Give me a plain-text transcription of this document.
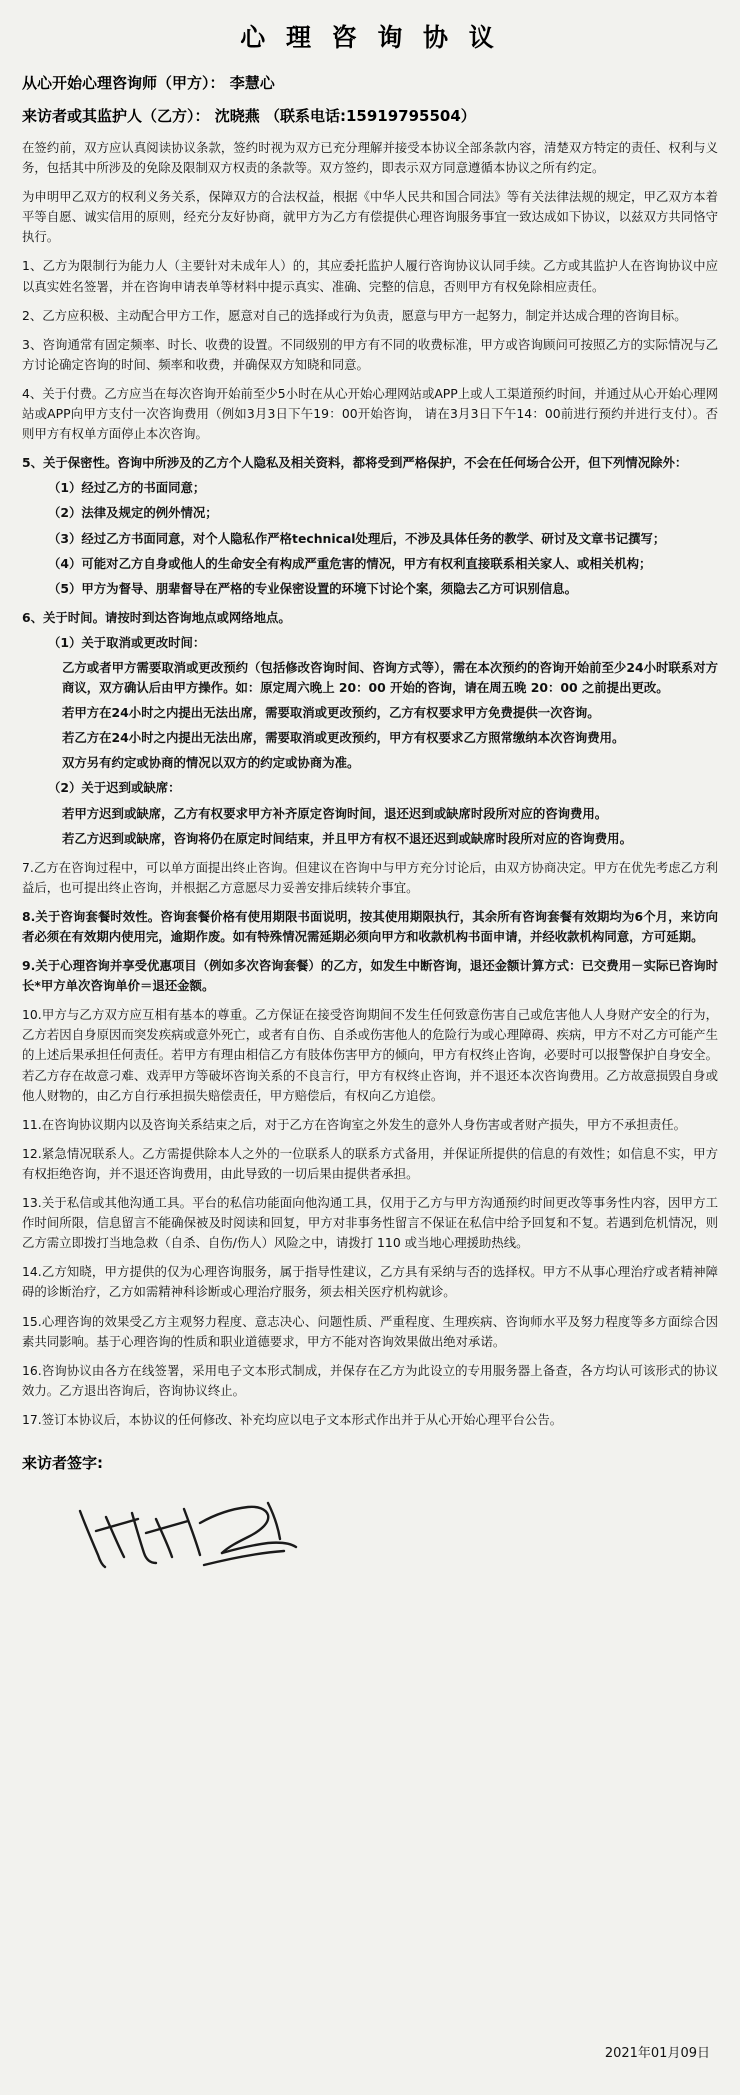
心 理 咨 询 协 议
从心开始心理咨询师（甲方）： 李慧心
来访者或其监护人（乙方）： 沈晓燕 （联系电话:15919795504）

在签约前，双方应认真阅读协议条款，签约时视为双方已充分理解并接受本协议全部条款内容，清楚双方特定的责任、权利与义务，包括其中所涉及的免除及限制双方权责的条款等。双方签约，即表示双方同意遵循本协议之所有约定。

为申明甲乙双方的权利义务关系，保障双方的合法权益，根据《中华人民共和国合同法》等有关法律法规的规定，甲乙双方本着平等自愿、诚实信用的原则，经充分友好协商，就甲方为乙方有偿提供心理咨询服务事宜一致达成如下协议，以兹双方共同恪守执行。

1、乙方为限制行为能力人（主要针对未成年人）的，其应委托监护人履行咨询协议认同手续。乙方或其监护人在咨询协议中应以真实姓名签署，并在咨询申请表单等材料中提示真实、准确、完整的信息，否则甲方有权免除相应责任。

2、乙方应积极、主动配合甲方工作，愿意对自己的选择或行为负责，愿意与甲方一起努力，制定并达成合理的咨询目标。

3、咨询通常有固定频率、时长、收费的设置。不同级别的甲方有不同的收费标准，甲方或咨询顾问可按照乙方的实际情况与乙方讨论确定咨询的时间、频率和收费，并确保双方知晓和同意。

4、关于付费。乙方应当在每次咨询开始前至少5小时在从心开始心理网站或APP上或人工渠道预约时间，并通过从心开始心理网站或APP向甲方支付一次咨询费用（例如3月3日下午19：00开始咨询， 请在3月3日下午14：00前进行预约并进行支付）。否则甲方有权单方面停止本次咨询。

5、关于保密性。咨询中所涉及的乙方个人隐私及相关资料，都将受到严格保护，不会在任何场合公开，但下列情况除外：

（1）经过乙方的书面同意；

（2）法律及规定的例外情况；

（3）经过乙方书面同意，对个人隐私作严格technical处理后，不涉及具体任务的教学、研讨及文章书记撰写；

（4）可能对乙方自身或他人的生命安全有构成严重危害的情况，甲方有权利直接联系相关家人、或相关机构；

（5）甲方为督导、朋辈督导在严格的专业保密设置的环境下讨论个案，须隐去乙方可识别信息。

6、关于时间。请按时到达咨询地点或网络地点。

（1）关于取消或更改时间：

乙方或者甲方需要取消或更改预约（包括修改咨询时间、咨询方式等），需在本次预约的咨询开始前至少24小时联系对方商议，双方确认后由甲方操作。如：原定周六晚上 20：00 开始的咨询，请在周五晚 20：00 之前提出更改。

若甲方在24小时之内提出无法出席，需要取消或更改预约，乙方有权要求甲方免费提供一次咨询。

若乙方在24小时之内提出无法出席，需要取消或更改预约，甲方有权要求乙方照常缴纳本次咨询费用。

双方另有约定或协商的情况以双方的约定或协商为准。

（2）关于迟到或缺席：

若甲方迟到或缺席，乙方有权要求甲方补齐原定咨询时间，退还迟到或缺席时段所对应的咨询费用。

若乙方迟到或缺席，咨询将仍在原定时间结束，并且甲方有权不退还迟到或缺席时段所对应的咨询费用。

7.乙方在咨询过程中，可以单方面提出终止咨询。但建议在咨询中与甲方充分讨论后，由双方协商决定。甲方在优先考虑乙方利益后，也可提出终止咨询，并根据乙方意愿尽力妥善安排后续转介事宜。

8.关于咨询套餐时效性。咨询套餐价格有使用期限书面说明，按其使用期限执行，其余所有咨询套餐有效期均为6个月，来访向者必须在有效期内使用完，逾期作废。如有特殊情况需延期必须向甲方和收款机构书面申请，并经收款机构同意，方可延期。

9.关于心理咨询并享受优惠项目（例如多次咨询套餐）的乙方，如发生中断咨询，退还金额计算方式：已交费用－实际已咨询时长*甲方单次咨询单价＝退还金额。

10.甲方与乙方双方应互相有基本的尊重。乙方保证在接受咨询期间不发生任何致意伤害自己或危害他人人身财产安全的行为，乙方若因自身原因而突发疾病或意外死亡，或者有自伤、自杀或伤害他人的危险行为或心理障碍、疾病，甲方不对乙方可能产生的上述后果承担任何责任。若甲方有理由相信乙方有肢体伤害甲方的倾向，甲方有权终止咨询，必要时可以报警保护自身安全。若乙方存在故意刁难、戏弄甲方等破坏咨询关系的不良言行，甲方有权终止咨询，并不退还本次咨询费用。乙方故意损毁自身或他人财物的，由乙方自行承担损失赔偿责任，甲方赔偿后，有权向乙方追偿。

11.在咨询协议期内以及咨询关系结束之后，对于乙方在咨询室之外发生的意外人身伤害或者财产损失，甲方不承担责任。

12.紧急情况联系人。乙方需提供除本人之外的一位联系人的联系方式备用，并保证所提供的信息的有效性；如信息不实，甲方有权拒绝咨询，并不退还咨询费用，由此导致的一切后果由提供者承担。

13.关于私信或其他沟通工具。平台的私信功能面向他沟通工具，仅用于乙方与甲方沟通预约时间更改等事务性内容，因甲方工作时间所限，信息留言不能确保被及时阅读和回复，甲方对非事务性留言不保证在私信中给予回复和不复。若遇到危机情况，则乙方需立即拨打当地急救（自杀、自伤/伤人）风险之中，请拨打 110 或当地心理援助热线。

14.乙方知晓，甲方提供的仅为心理咨询服务，属于指导性建议，乙方具有采纳与否的选择权。甲方不从事心理治疗或者精神障碍的诊断治疗，乙方如需精神科诊断或心理治疗服务，须去相关医疗机构就诊。

15.心理咨询的效果受乙方主观努力程度、意志决心、问题性质、严重程度、生理疾病、咨询师水平及努力程度等多方面综合因素共同影响。基于心理咨询的性质和职业道德要求，甲方不能对咨询效果做出绝对承诺。

16.咨询协议由各方在线签署，采用电子文本形式制成，并保存在乙方为此设立的专用服务器上备查，各方均认可该形式的协议效力。乙方退出咨询后，咨询协议终止。

17.签订本协议后，本协议的任何修改、补充均应以电子文本形式作出并于从心开始心理平台公告。

来访者签字:
2021年01月09日
